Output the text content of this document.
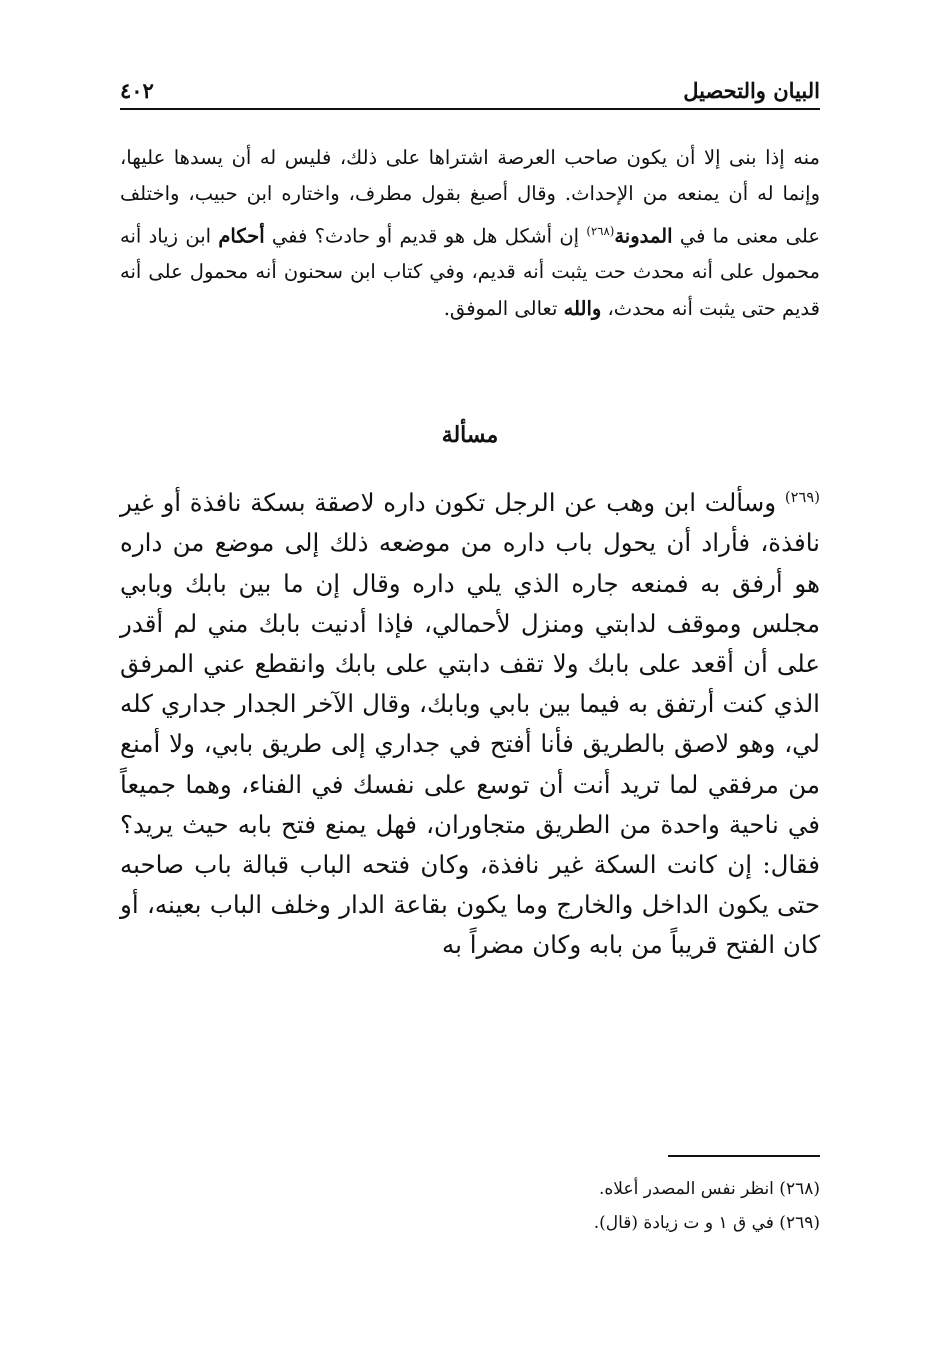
البيان والتحصيل
٤٠٢

منه إذا بنى إلا أن يكون صاحب العرصة اشتراها على ذلك، فليس له أن يسدها عليها، وإنما له أن يمنعه من الإحداث. وقال أصبغ بقول مطرف، واختاره ابن حبيب، واختلف على معنى ما في المدونة$^{(٢٦٨)}$ إن أشكل هل هو قديم أو حادث؟ ففي أحكام ابن زياد أنه محمول على أنه محدث حت يثبت أنه قديم، وفي كتاب ابن سحنون أنه محمول على أنه قديم حتى يثبت أنه محدث، والله تعالى الموفق.

مسألة

$^{(٢٦٩)}$ وسألت ابن وهب عن الرجل تكون داره لاصقة بسكة نافذة أو غير نافذة، فأراد أن يحول باب داره من موضعه ذلك إلى موضع من داره هو أرفق به فمنعه جاره الذي يلي داره وقال إن ما بين بابك وبابي مجلس وموقف لدابتي ومنزل لأحمالي، فإذا أدنيت بابك مني لم أقدر على أن أقعد على بابك ولا تقف دابتي على بابك وانقطع عني المرفق الذي كنت أرتفق به فيما بين بابي وبابك، وقال الآخر الجدار جداري كله لي، وهو لاصق بالطريق فأنا أفتح في جداري إلى طريق بابي، ولا أمنع من مرفقي لما تريد أنت أن توسع على نفسك في الفناء، وهما جميعاً في ناحية واحدة من الطريق متجاوران، فهل يمنع فتح بابه حيث يريد؟ فقال: إن كانت السكة غير نافذة، وكان فتحه الباب قبالة باب صاحبه حتى يكون الداخل والخارج وما يكون بقاعة الدار وخلف الباب بعينه، أو كان الفتح قريباً من بابه وكان مضراً به

(٢٦٨) انظر نفس المصدر أعلاه.
(٢٦٩) في ق ١ و ت زيادة (قال).
